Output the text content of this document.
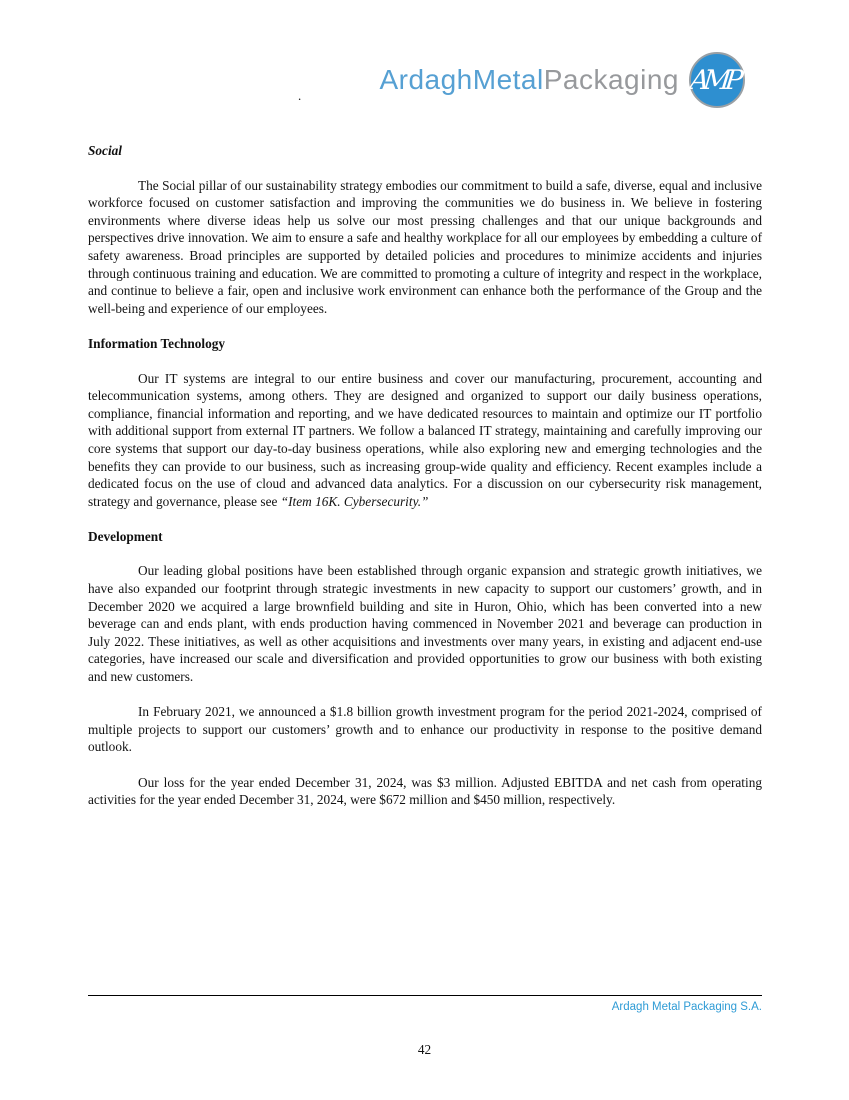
ArdaghMetalPackaging AMP
.
Social

The Social pillar of our sustainability strategy embodies our commitment to build a safe, diverse, equal and inclusive workforce focused on customer satisfaction and improving the communities we do business in. We believe in fostering environments where diverse ideas help us solve our most pressing challenges and that our unique backgrounds and perspectives drive innovation. We aim to ensure a safe and healthy workplace for all our employees by embedding a culture of safety awareness. Broad principles are supported by detailed policies and procedures to minimize accidents and injuries through continuous training and education. We are committed to promoting a culture of integrity and respect in the workplace, and continue to believe a fair, open and inclusive work environment can enhance both the performance of the Group and the well-being and experience of our employees.

Information Technology

Our IT systems are integral to our entire business and cover our manufacturing, procurement, accounting and telecommunication systems, among others. They are designed and organized to support our daily business operations, compliance, financial information and reporting, and we have dedicated resources to maintain and optimize our IT portfolio with additional support from external IT partners. We follow a balanced IT strategy, maintaining and carefully improving our core systems that support our day-to-day business operations, while also exploring new and emerging technologies and the benefits they can provide to our business, such as increasing group-wide quality and efficiency. Recent examples include a dedicated focus on the use of cloud and advanced data analytics. For a discussion on our cybersecurity risk management, strategy and governance, please see “Item 16K. Cybersecurity.”

Development

Our leading global positions have been established through organic expansion and strategic growth initiatives, we have also expanded our footprint through strategic investments in new capacity to support our customers’ growth, and in December 2020 we acquired a large brownfield building and site in Huron, Ohio, which has been converted into a new beverage can and ends plant, with ends production having commenced in November 2021 and beverage can production in July 2022. These initiatives, as well as other acquisitions and investments over many years, in existing and adjacent end-use categories, have increased our scale and diversification and provided opportunities to grow our business with both existing and new customers.

In February 2021, we announced a $1.8 billion growth investment program for the period 2021-2024, comprised of multiple projects to support our customers’ growth and to enhance our productivity in response to the positive demand outlook.

Our loss for the year ended December 31, 2024, was $3 million. Adjusted EBITDA and net cash from operating activities for the year ended December 31, 2024, were $672 million and $450 million, respectively.

Ardagh Metal Packaging S.A.
42
